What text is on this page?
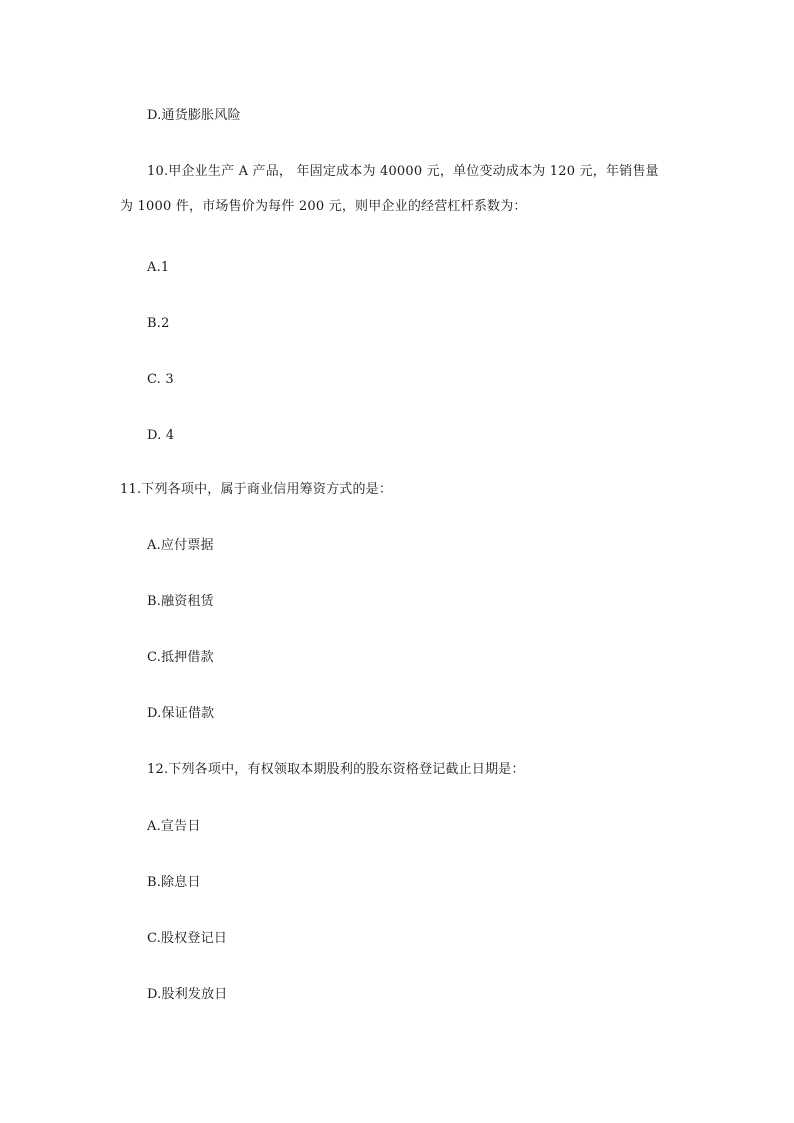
D.通货膨胀风险
10.甲企业生产 A 产品， 年固定成本为 40000 元，单位变动成本为 120 元，年销售量
为 1000 件，市场售价为每件 200 元，则甲企业的经营杠杆系数为：
A.1
B.2
C. 3
D. 4
11.下列各项中，属于商业信用筹资方式的是：
A.应付票据
B.融资租赁
C.抵押借款
D.保证借款
12.下列各项中，有权领取本期股利的股东资格登记截止日期是：
A.宣告日
B.除息日
C.股权登记日
D.股利发放日
